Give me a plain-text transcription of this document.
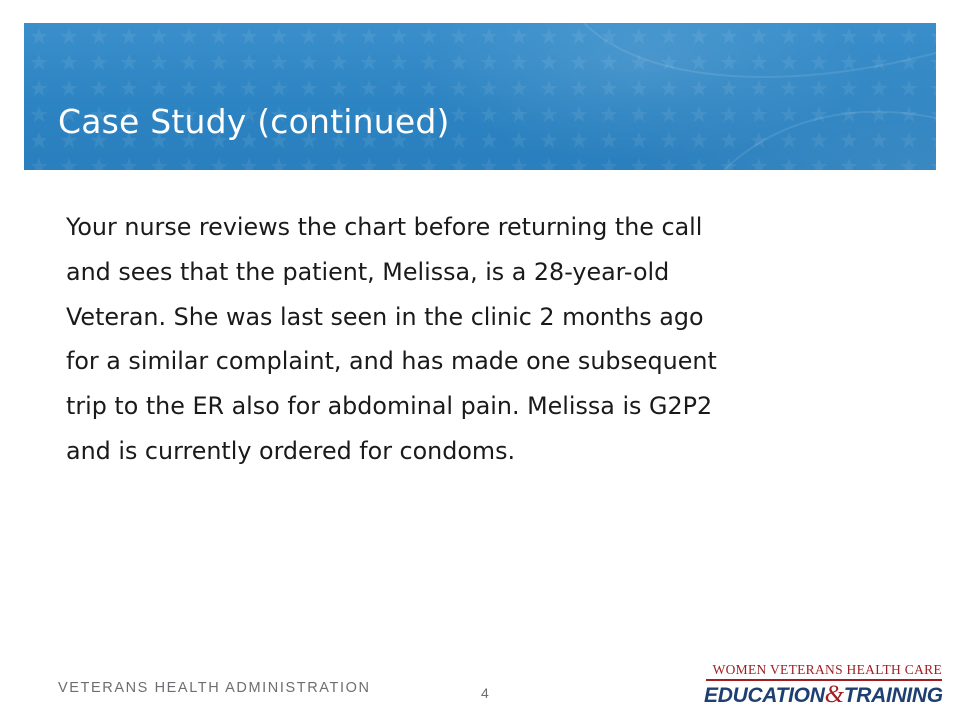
Case Study (continued)

Your nurse reviews the chart before returning the call
and sees that the patient, Melissa, is a 28-year-old
Veteran. She was last seen in the clinic 2 months ago
for a similar complaint, and has made one subsequent
trip to the ER also for abdominal pain. Melissa is G2P2
and is currently ordered for condoms.

VETERANS HEALTH ADMINISTRATION	4
WOMEN VETERANS HEALTH CARE
EDUCATION&TRAINING
